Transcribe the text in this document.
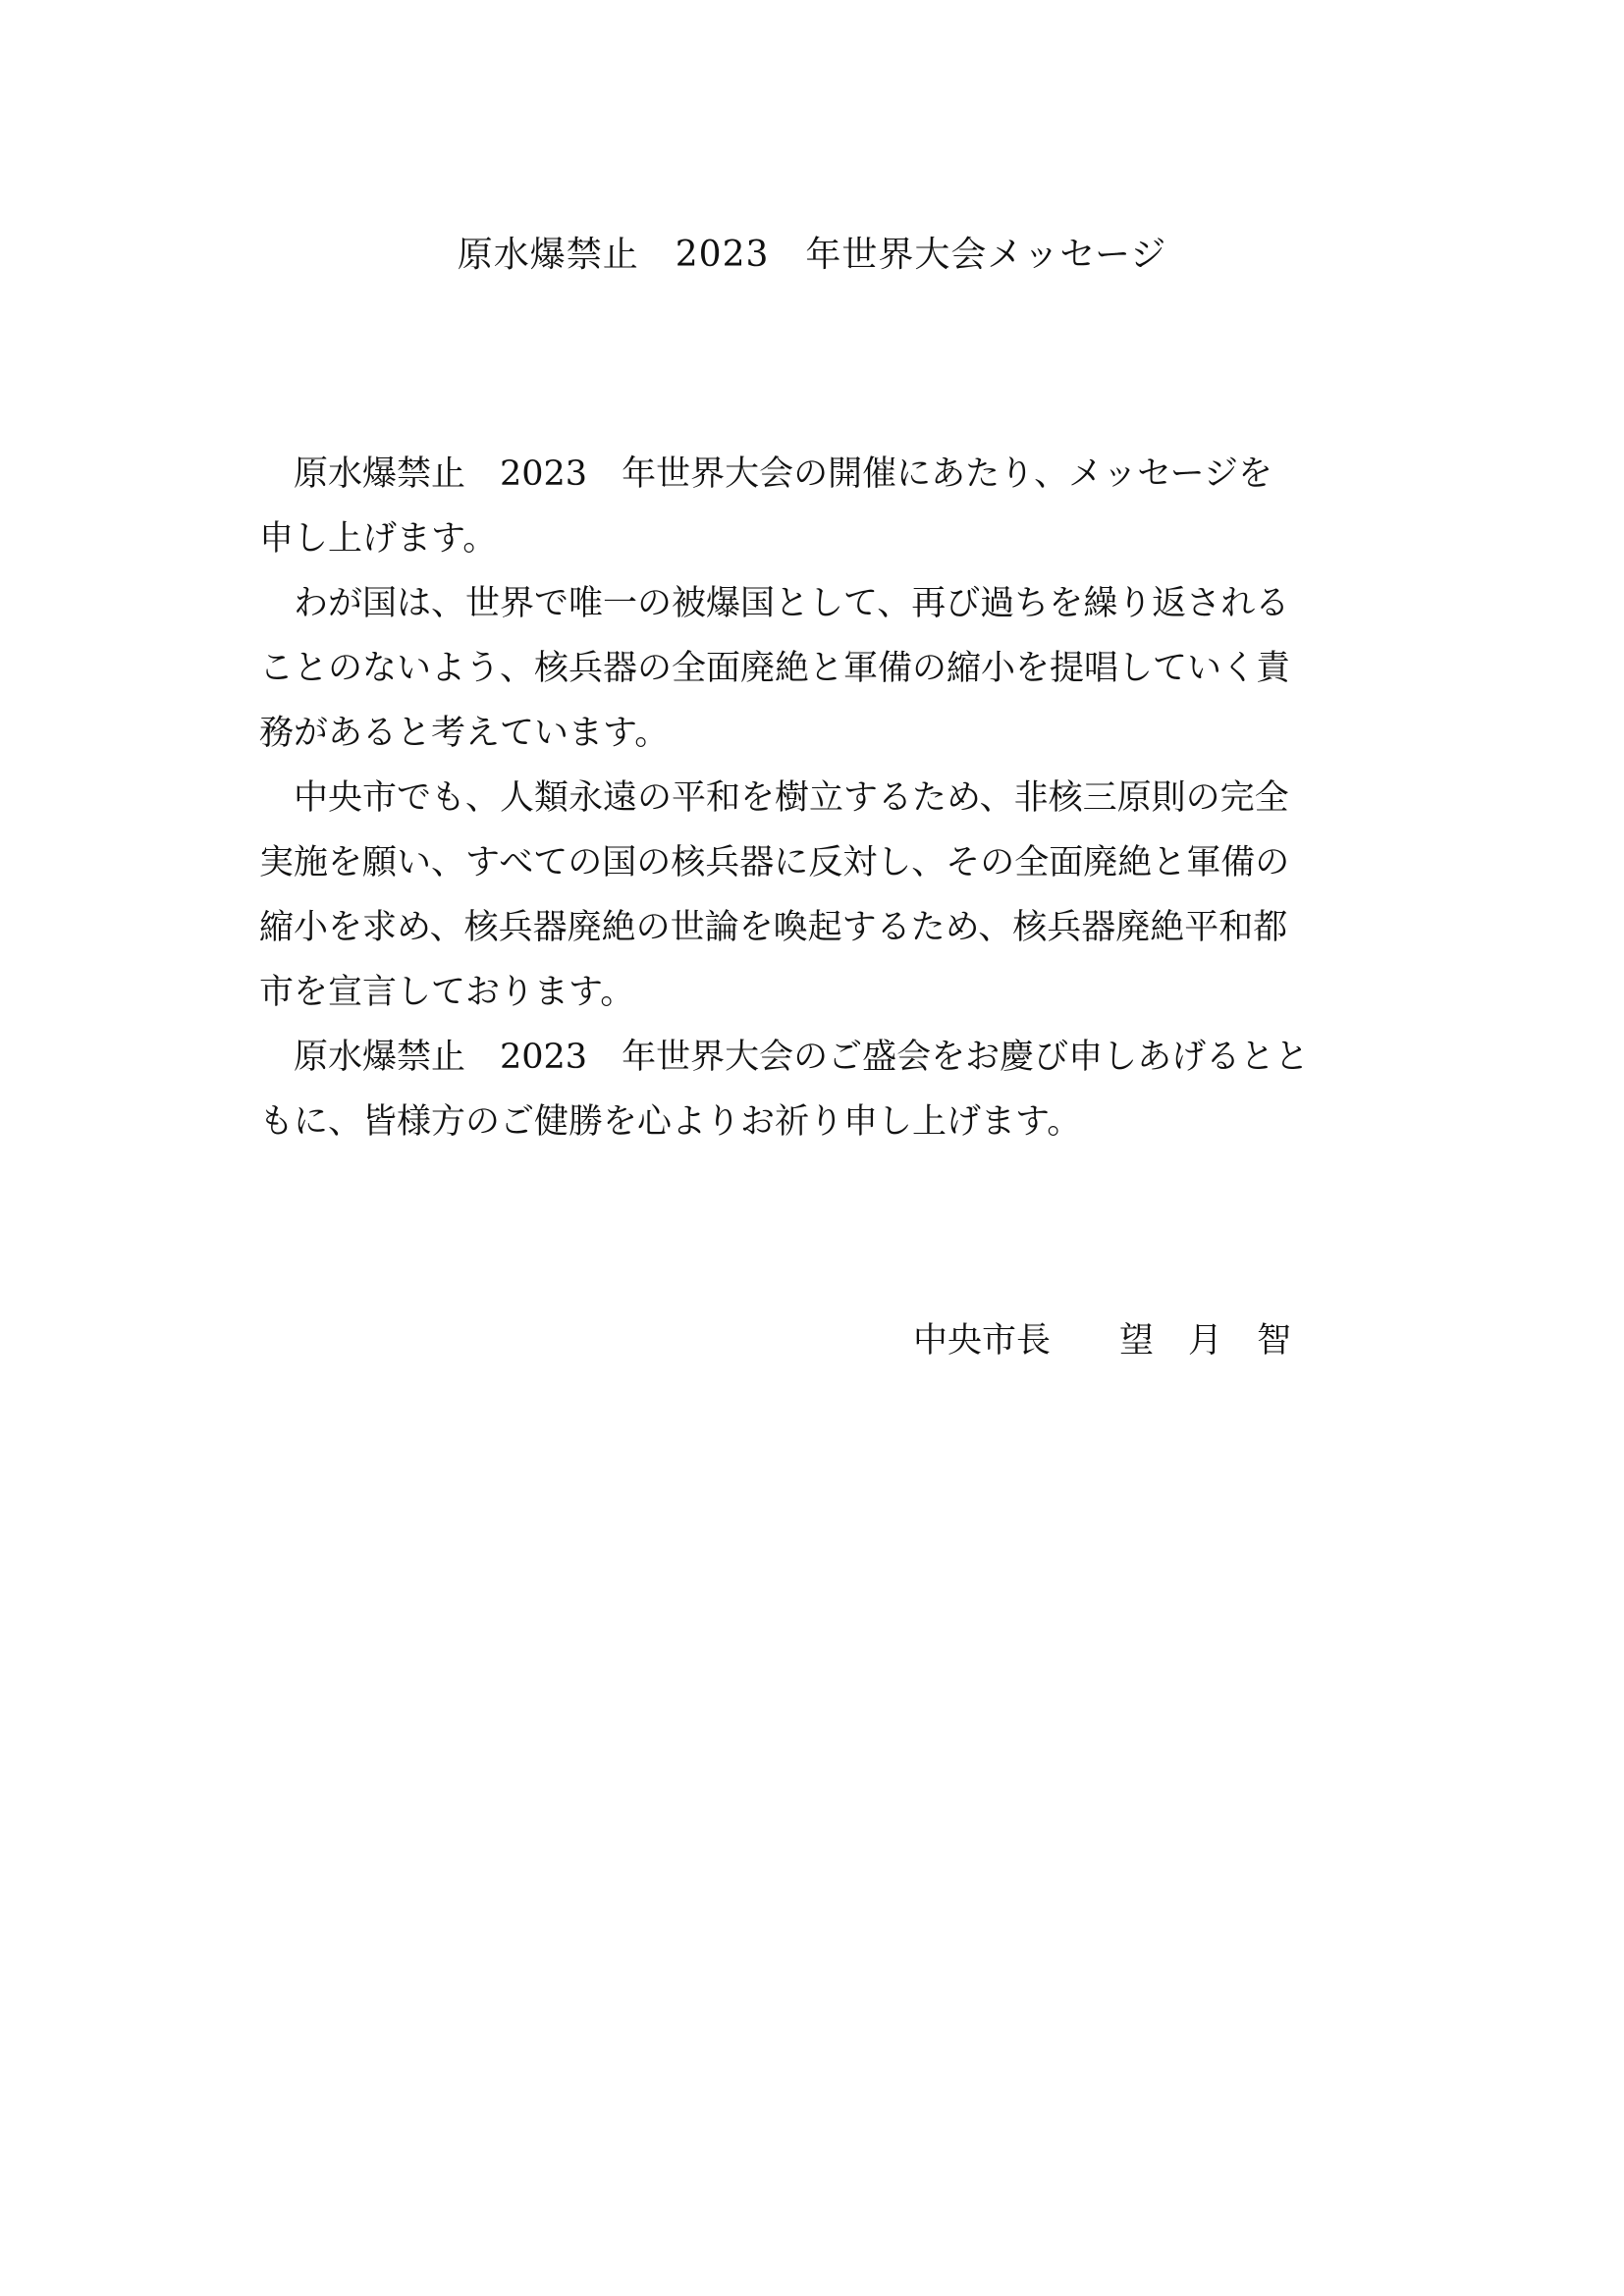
原水爆禁止　2023　年世界大会メッセージ
　原水爆禁止　2023　年世界大会の開催にあたり、メッセージを
申し上げます。
　わが国は、世界で唯一の被爆国として、再び過ちを繰り返される
ことのないよう、核兵器の全面廃絶と軍備の縮小を提唱していく責
務があると考えています。
　中央市でも、人類永遠の平和を樹立するため、非核三原則の完全
実施を願い、すべての国の核兵器に反対し、その全面廃絶と軍備の
縮小を求め、核兵器廃絶の世論を喚起するため、核兵器廃絶平和都
市を宣言しております。
　原水爆禁止　2023　年世界大会のご盛会をお慶び申しあげるとと
もに、皆様方のご健勝を心よりお祈り申し上げます。
中央市長　　望　月　智
